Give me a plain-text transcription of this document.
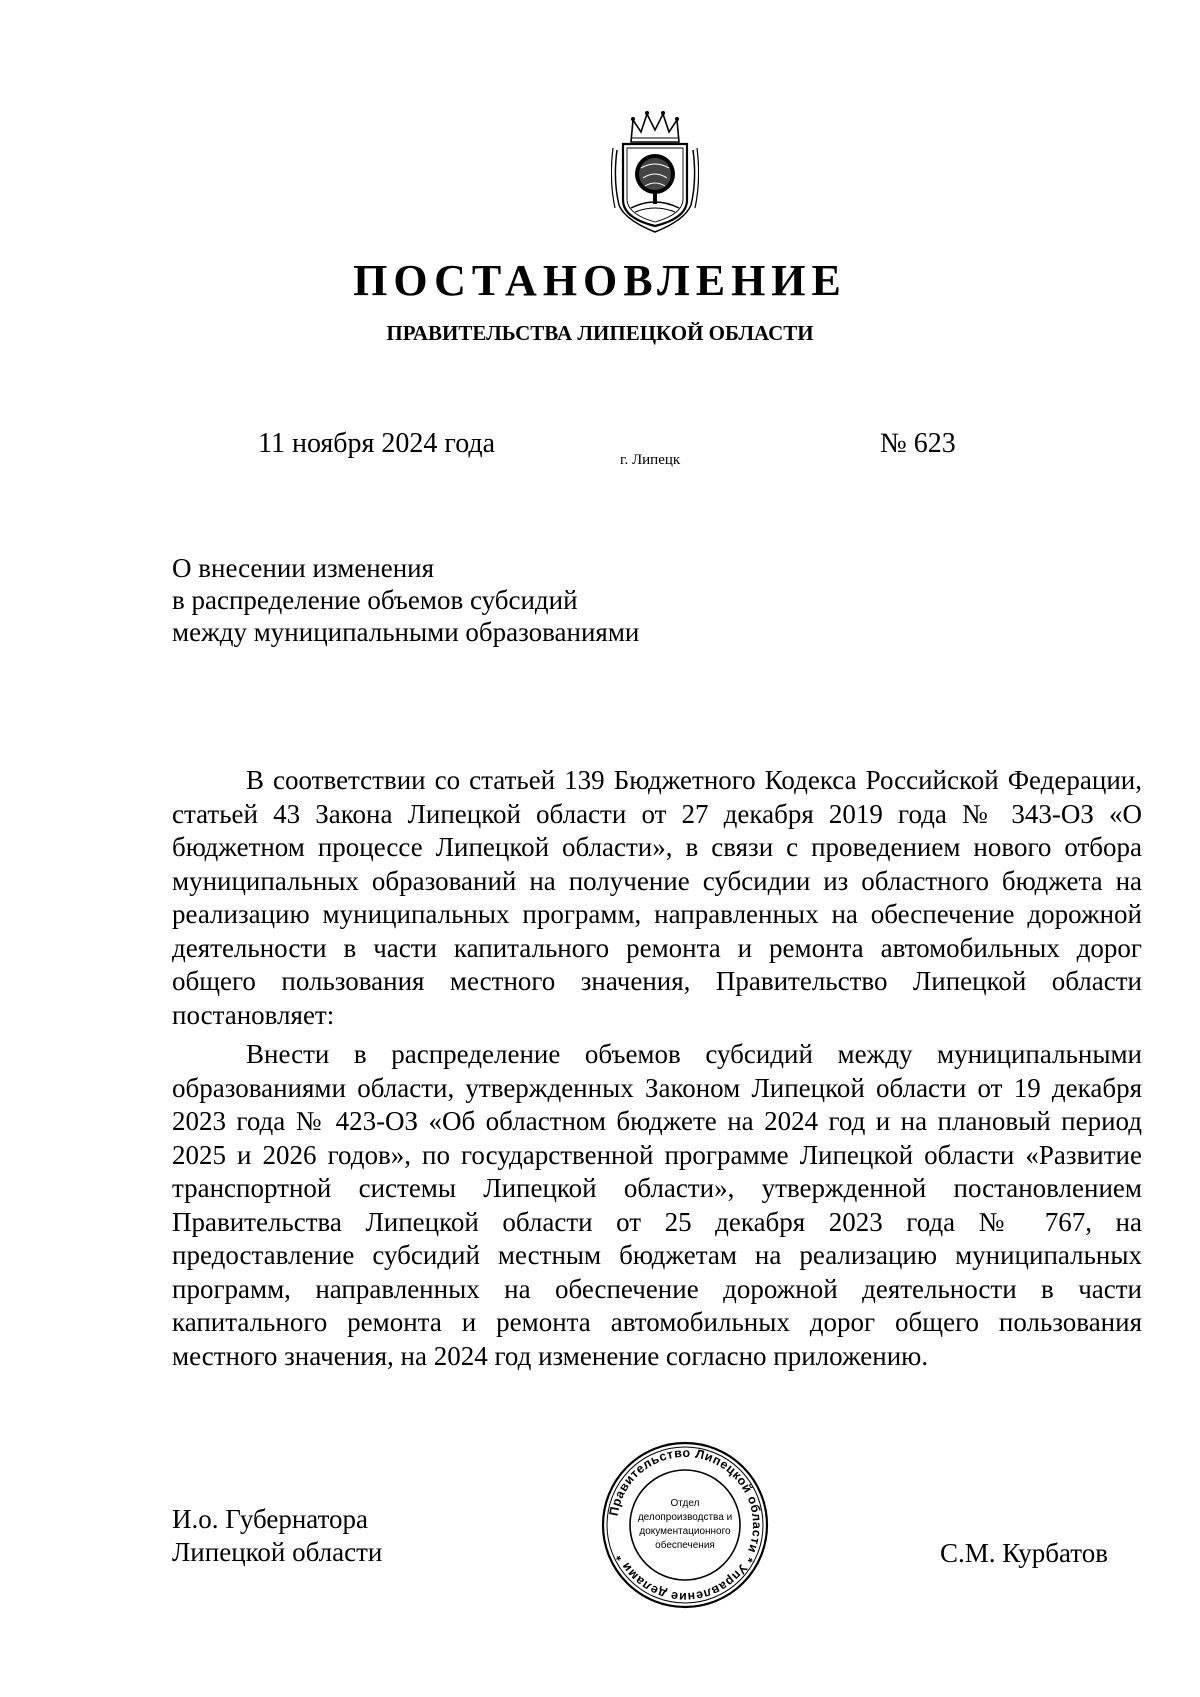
ПОСТАНОВЛЕНИЕ
ПРАВИТЕЛЬСТВА ЛИПЕЦКОЙ ОБЛАСТИ
11 ноября 2024 года
г. Липецк
№ 623
О внесении изменения
в распределение объемов субсидий
между муниципальными образованиями

В соответствии со статьей 139 Бюджетного Кодекса Российской Федерации, статьей 43 Закона Липецкой области от 27 декабря 2019 года № 343-ОЗ «О бюджетном процессе Липецкой области», в связи с проведением нового отбора муниципальных образований на получение субсидии из областного бюджета на реализацию муниципальных программ, направленных на обеспечение дорожной деятельности в части капитального ремонта и ремонта автомобильных дорог общего пользования местного значения, Правительство Липецкой области постановляет:

Внести в распределение объемов субсидий между муниципальными образованиями области, утвержденных Законом Липецкой области от 19 декабря 2023 года № 423-ОЗ «Об областном бюджете на 2024 год и на плановый период 2025 и 2026 годов», по государственной программе Липецкой области «Развитие транспортной системы Липецкой области», утвержденной постановлением Правительства Липецкой области от 25 декабря 2023 года № 767, на предоставление субсидий местным бюджетам на реализацию муниципальных программ, направленных на обеспечение дорожной деятельности в части капитального ремонта и ремонта автомобильных дорог общего пользования местного значения, на 2024 год изменение согласно приложению.

И.о. Губернатора
Липецкой области
Правительство Липецкой области * Управление делами *
Отдел
делопроизводства и
документационного
обеспечения	С.М. Курбатов
